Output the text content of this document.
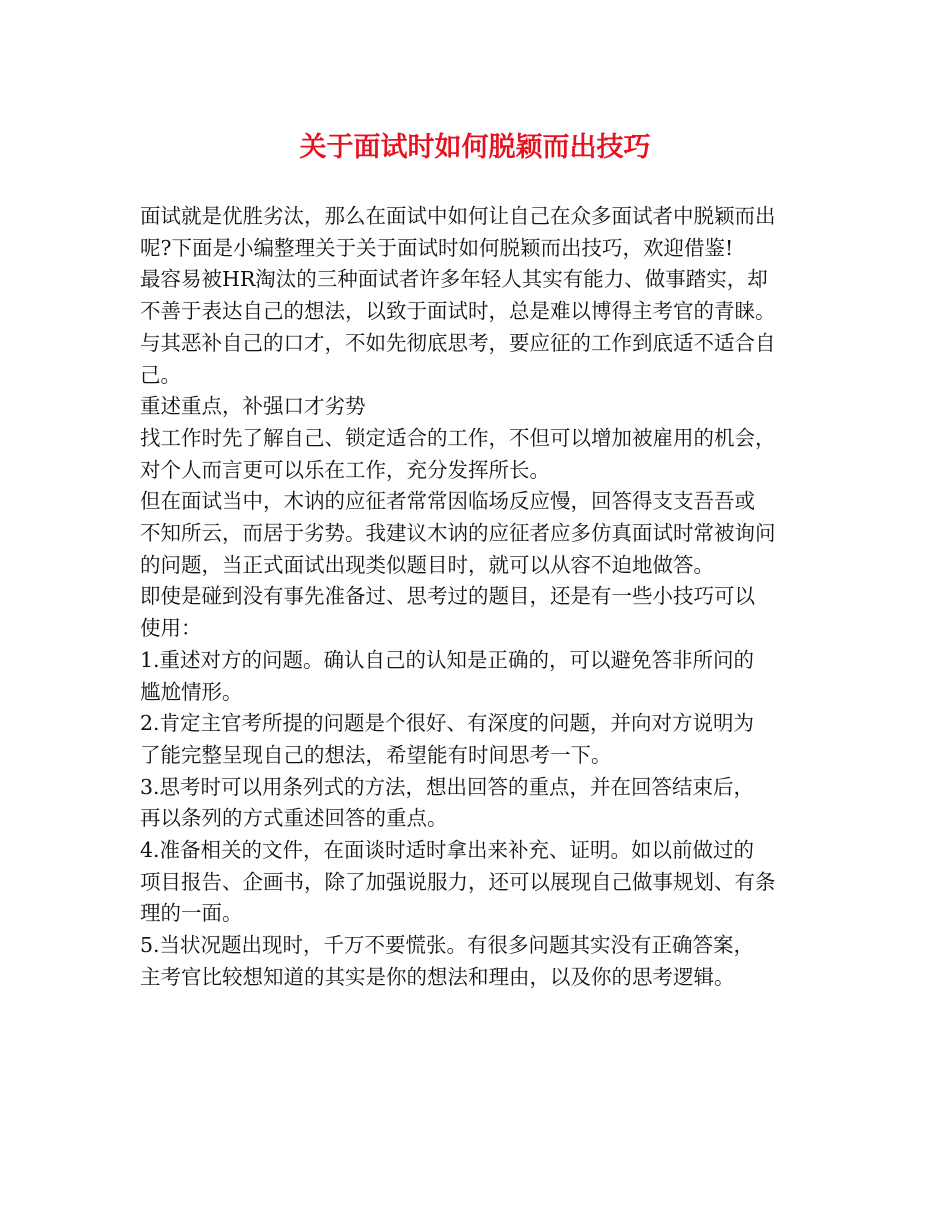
关于面试时如何脱颖而出技巧

面试就是优胜劣汰，那么在面试中如何让自己在众多面试者中脱颖而出
呢?下面是小编整理关于关于面试时如何脱颖而出技巧，欢迎借鉴!

最容易被HR淘汰的三种面试者许多年轻人其实有能力、做事踏实，却
不善于表达自己的想法，以致于面试时，总是难以博得主考官的青睐。
与其恶补自己的口才，不如先彻底思考，要应征的工作到底适不适合自
己。

重述重点，补强口才劣势

找工作时先了解自己、锁定适合的工作，不但可以增加被雇用的机会，
对个人而言更可以乐在工作，充分发挥所长。

但在面试当中，木讷的应征者常常因临场反应慢，回答得支支吾吾或
不知所云，而居于劣势。我建议木讷的应征者应多仿真面试时常被询问
的问题，当正式面试出现类似题目时，就可以从容不迫地做答。

即使是碰到没有事先准备过、思考过的题目，还是有一些小技巧可以
使用：

1.重述对方的问题。确认自己的认知是正确的，可以避免答非所问的
尴尬情形。

2.肯定主官考所提的问题是个很好、有深度的问题，并向对方说明为
了能完整呈现自己的想法，希望能有时间思考一下。

3.思考时可以用条列式的方法，想出回答的重点，并在回答结束后，
再以条列的方式重述回答的重点。

4.准备相关的文件，在面谈时适时拿出来补充、证明。如以前做过的
项目报告、企画书，除了加强说服力，还可以展现自己做事规划、有条
理的一面。

5.当状况题出现时，千万不要慌张。有很多问题其实没有正确答案，
主考官比较想知道的其实是你的想法和理由，以及你的思考逻辑。
